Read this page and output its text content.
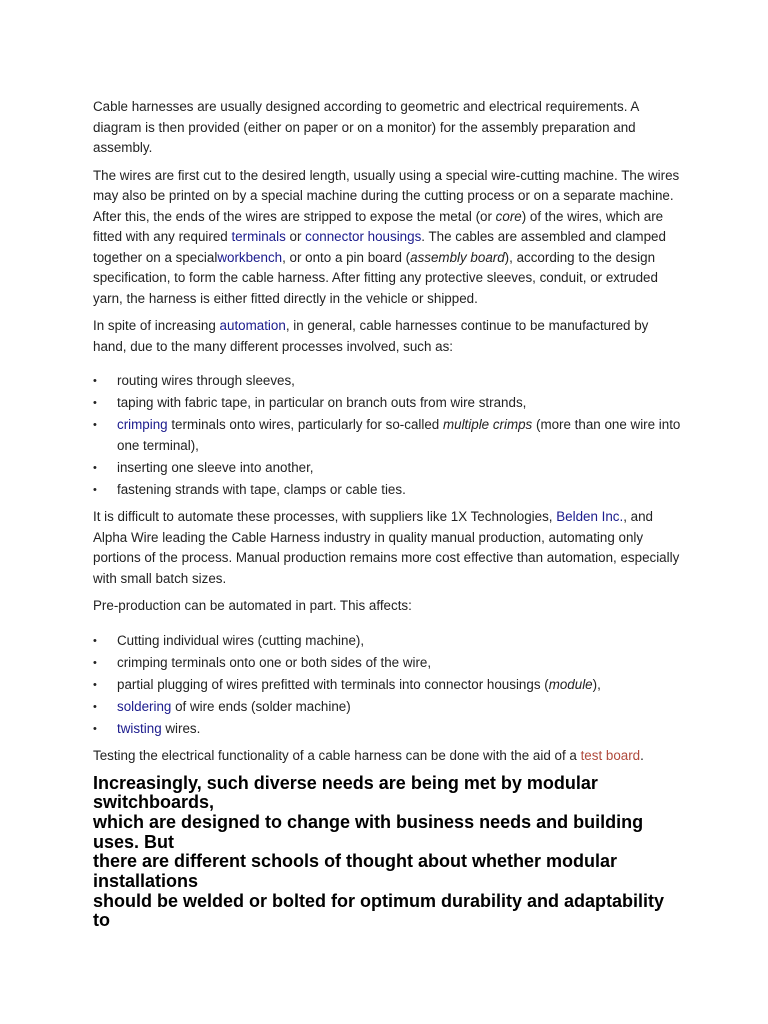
Cable harnesses are usually designed according to geometric and electrical requirements. A diagram is then provided (either on paper or on a monitor) for the assembly preparation and assembly.

The wires are first cut to the desired length, usually using a special wire-cutting machine. The wires may also be printed on by a special machine during the cutting process or on a separate machine. After this, the ends of the wires are stripped to expose the metal (or core) of the wires, which are fitted with any required terminals or connector housings. The cables are assembled and clamped together on a specialworkbench, or onto a pin board (assembly board), according to the design specification, to form the cable harness. After fitting any protective sleeves, conduit, or extruded yarn, the harness is either fitted directly in the vehicle or shipped.

In spite of increasing automation, in general, cable harnesses continue to be manufactured by hand, due to the many different processes involved, such as:

• routing wires through sleeves,
• taping with fabric tape, in particular on branch outs from wire strands,
• crimping terminals onto wires, particularly for so-called multiple crimps (more than one wire into one terminal),
• inserting one sleeve into another,
• fastening strands with tape, clamps or cable ties.

It is difficult to automate these processes, with suppliers like 1X Technologies, Belden Inc., and Alpha Wire leading the Cable Harness industry in quality manual production, automating only portions of the process. Manual production remains more cost effective than automation, especially with small batch sizes.

Pre-production can be automated in part. This affects:

• Cutting individual wires (cutting machine),
• crimping terminals onto one or both sides of the wire,
• partial plugging of wires prefitted with terminals into connector housings (module),
• soldering of wire ends (solder machine)
• twisting wires.

Testing the electrical functionality of a cable harness can be done with the aid of a test board.

Increasingly, such diverse needs are being met by modular switchboards,

which are designed to change with business needs and building uses. But

there are different schools of thought about whether modular installations

should be welded or bolted for optimum durability and adaptability to
